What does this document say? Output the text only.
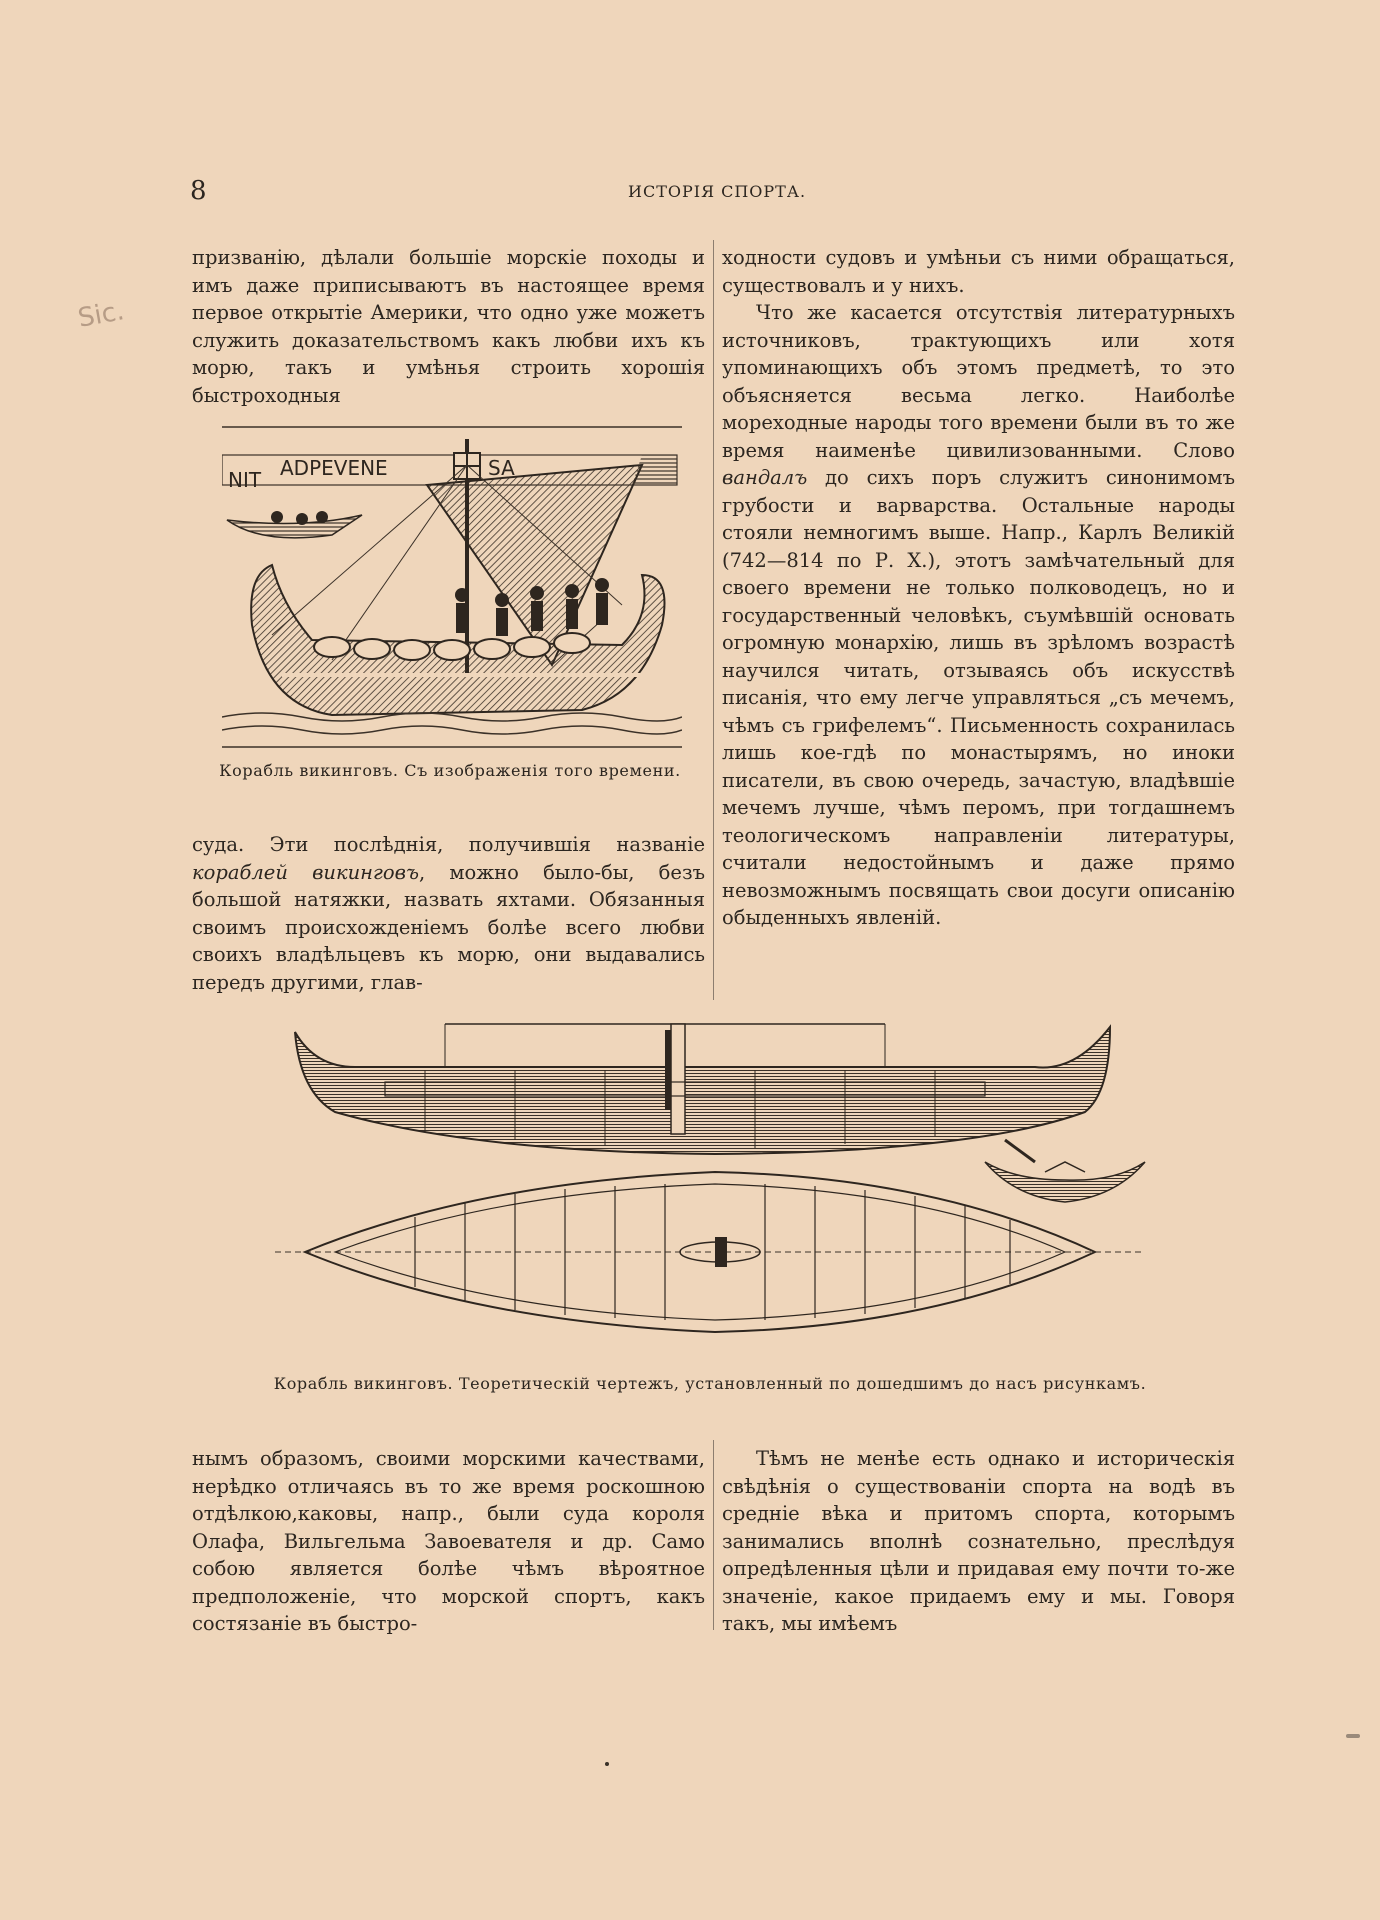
8	ИСТОРІЯ СПОРТА.
Sic.

призванію, дѣлали большіе морскіе походы и имъ даже приписываютъ въ настоящее время первое открытіе Америки, что одно уже можетъ служить доказательствомъ какъ любви ихъ къ морю, такъ и умѣнья строить хорошія быстроходныя

NIT ADPEVENE	SA
Корабль викинговъ. Съ изображенія того времени.

суда. Эти послѣднія, получившія названіе кораблей викинговъ, можно было-бы, безъ большой натяжки, назвать яхтами. Обязанныя своимъ происхожденіемъ болѣе всего любви своихъ владѣльцевъ къ морю, они выдавались передъ другими, глав-

ходности судовъ и умѣньи съ ними обращаться, существовалъ и у нихъ.

Что же касается отсутствія литературныхъ источниковъ, трактующихъ или хотя упоминающихъ объ этомъ предметѣ, то это объясняется весьма легко. Наиболѣе мореходные народы того времени были въ то же время наименѣе цивилизованными. Слово вандалъ до сихъ поръ служитъ синонимомъ грубости и варварства. Остальные народы стояли немногимъ выше. Напр., Карлъ Великій (742—814 по Р. Х.), этотъ замѣчательный для своего времени не только полководецъ, но и государственный человѣкъ, съумѣвшій основать огромную монархію, лишь въ зрѣломъ возрастѣ научился читать, отзываясь объ искусствѣ писанія, что ему легче управляться „съ мечемъ, чѣмъ съ грифелемъ“. Письменность сохранилась лишь кое-гдѣ по монастырямъ, но иноки писатели, въ свою очередь, зачастую, владѣвшіе мечемъ лучше, чѣмъ перомъ, при тогдашнемъ теологическомъ направленіи литературы, считали недостойнымъ и даже прямо невозможнымъ посвящать свои досуги описанію обыденныхъ явленій.

Корабль викинговъ. Теоретическій чертежъ, установленный по дошедшимъ до насъ рисункамъ.

нымъ образомъ, своими морскими качествами, нерѣдко отличаясь въ то же время роскошною отдѣлкою,каковы, напр., были суда короля Олафа, Вильгельма Завоевателя и др. Само собою является болѣе чѣмъ вѣроятное предположеніе, что морской спортъ, какъ состязаніе въ быстро-

Тѣмъ не менѣе есть однако и историческія свѣдѣнія о существованіи спорта на водѣ въ средніе вѣка и притомъ спорта, которымъ занимались вполнѣ сознательно, преслѣдуя опредѣленныя цѣли и придавая ему почти то-же значеніе, какое придаемъ ему и мы. Говоря такъ, мы имѣемъ
